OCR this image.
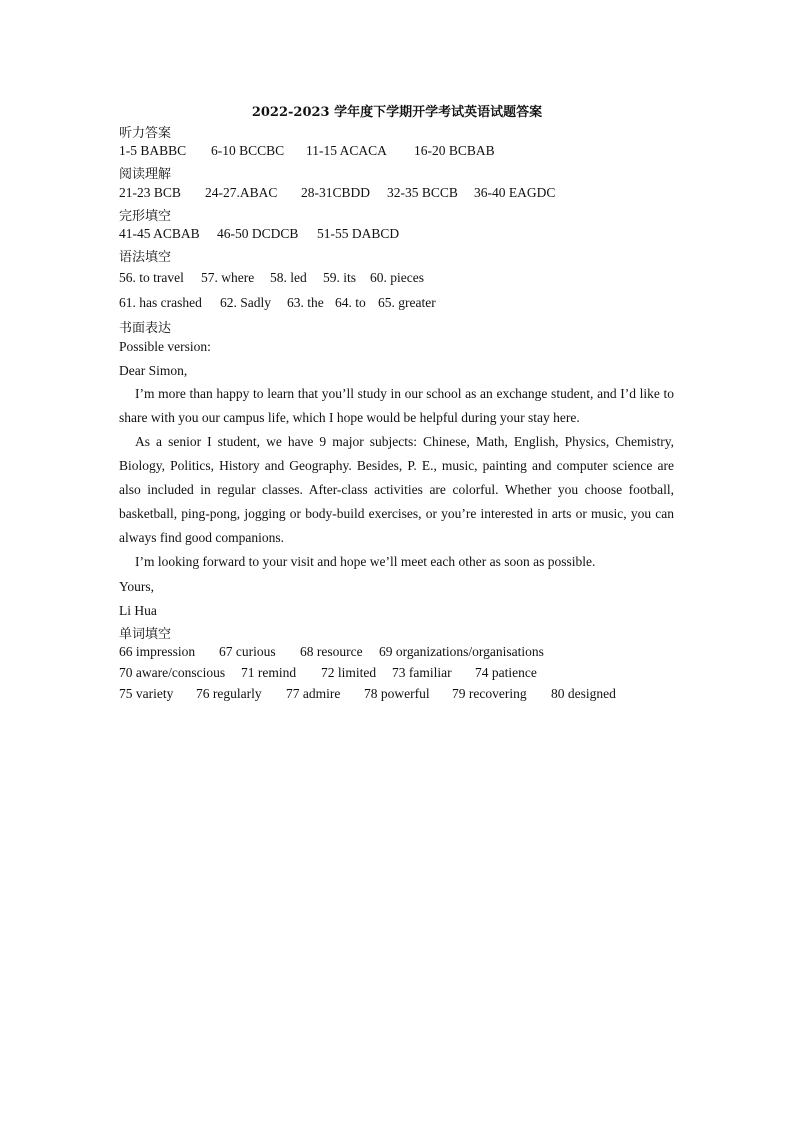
2022-2023 学年度下学期开学考试英语试题答案
听力答案
1-5 BABBC 6-10 BCCBC 11-15 ACACA 16-20 BCBAB
阅读理解
21-23 BCB 24-27.ABAC 28-31CBDD 32-35 BCCB 36-40 EAGDC
完形填空
41-45 ACBAB 46-50 DCDCB 51-55 DABCD
语法填空
56. to travel 57. where 58. led 59. its 60. pieces
61. has crashed 62. Sadly 63. the 64. to 65. greater
书面表达
Possible version:
Dear Simon,
I’m more than happy to learn that you’ll study in our school as an exchange student, and I’d like to share with you our campus life, which I hope would be helpful during your stay here.
As a senior I student, we have 9 major subjects: Chinese, Math, English, Physics, Chemistry, Biology, Politics, History and Geography. Besides, P. E., music, painting and computer science are also included in regular classes. After-class activities are colorful. Whether you choose football, basketball, ping-pong, jogging or body-build exercises, or you’re interested in arts or music, you can always find good companions.
I’m looking forward to your visit and hope we’ll meet each other as soon as possible.
Yours,
Li Hua
单词填空
66 impression 67 curious 68 resource 69 organizations/organisations
70 aware/conscious 71 remind 72 limited 73 familiar 74 patience
75 variety 76 regularly 77 admire 78 powerful 79 recovering 80 designed
